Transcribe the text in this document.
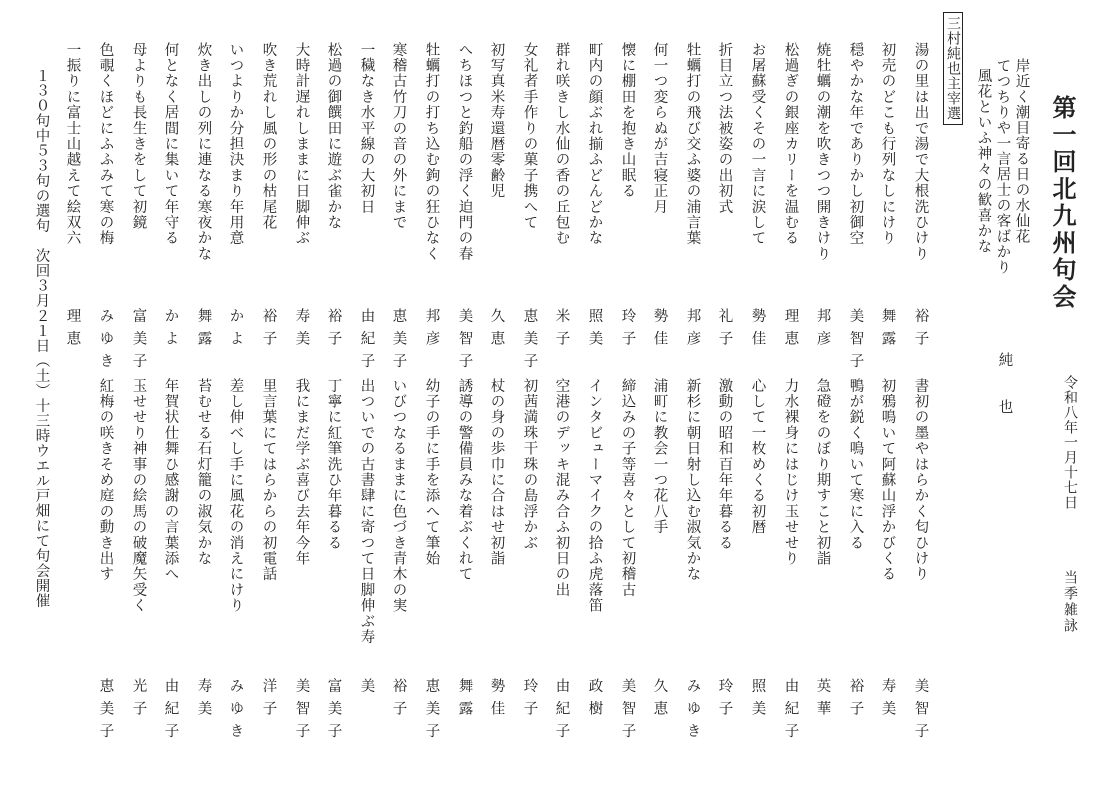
第一回北九州句会
令和八年一月十七日
当季雑詠
岸近く潮目寄る日の水仙花
てつちりや一言居士の客ばかり
風花といふ神々の歓喜かな
純 也
三村純也主宰選
湯の里は出で湯で大根洗ひけり
裕子
書初の墨やはらかく匂ひけり
美智子
初売のどこも行列なしにけり
舞露
初鴉鳴いて阿蘇山浮かびくる
寿美
穏やかな年でありかし初御空
美智子
鴨が鋭く鳴いて寒に入る
裕子
焼牡蠣の潮を吹きつつ開きけり
邦彦
急磴をのぼり期すこと初詣
英華
松過ぎの銀座カリーを温むる
理恵
力水裸身にはじけ玉せせり
由紀子
お屠蘇受くその一言に涙して
勢佳
心して一枚めくる初暦
照美
折目立つ法被姿の出初式
礼子
激動の昭和百年年暮るる
玲子
牡蠣打の飛び交ふ婆の浦言葉
邦彦
新杉に朝日射し込む淑気かな
みゆき
何一つ変らぬが吉寝正月
勢佳
浦町に教会一つ花八手
久恵
懐に棚田を抱き山眠る
玲子
締込みの子等喜々として初稽古
美智子
町内の顔ぶれ揃ふどんどかな
照美
インタビューマイクの拾ふ虎落笛
政樹
群れ咲きし水仙の香の丘包む
米子
空港のデッキ混み合ふ初日の出
由紀子
女礼者手作りの菓子携へて
恵美子
初茜満珠干珠の島浮かぶ
玲子
初写真米寿還暦零齢児
久恵
杖の身の歩巾に合はせ初詣
勢佳
へちほつと釣船の浮く迫門の春
美智子
誘導の警備員みな着ぶくれて
舞露
牡蠣打の打ち込む鉤の狂ひなく
邦彦
幼子の手に手を添へて筆始
恵美子
寒稽古竹刀の音の外にまで
恵美子
いびつなるままに色づき青木の実
裕子
一穢なき水平線の大初日
由紀子
出ついでの古書肆に寄つて日脚伸ぶ寿
美
松過の御饌田に遊ぶ雀かな
裕子
丁寧に紅筆洗ひ年暮るる
富美子
大時計遅れしままに日脚伸ぶ
寿美
我にまだ学ぶ喜び去年今年
美智子
吹き荒れし風の形の枯尾花
裕子
里言葉にてはらからの初電話
洋子
いつよりか分担決まり年用意
かよ
差し伸べし手に風花の消えにけり
みゆき
炊き出しの列に連なる寒夜かな
舞露
苔むせる石灯籠の淑気かな
寿美
何となく居間に集いて年守る
かよ
年賀状仕舞ひ感謝の言葉添へ
由紀子
母よりも長生きをして初鏡
富美子
玉せせり神事の絵馬の破魔矢受く
光子
色覗くほどにふふみて寒の梅
みゆき
紅梅の咲きそめ庭の動き出す
恵美子
一振りに富士山越えて絵双六
理恵
１３０句中５３句の選句　次回３月２１日（土）十三時ウエル戸畑にて句会開催
